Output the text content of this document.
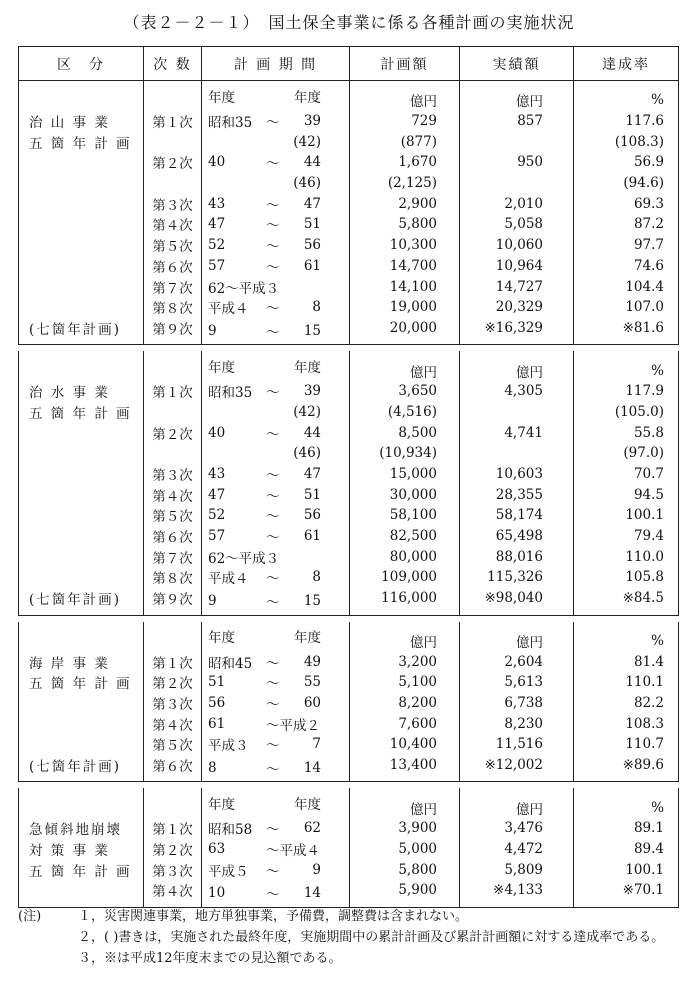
（表２－２－１）　国土保全事業に係る各種計画の実施状況
区　分	次 数	計 画 期 間	計画額	実績額	達成率

		年度 年度	億円	億円	%
治 山 事 業	第１次	昭和35 ～ 39	729	857	117.6
五 箇 年 計 画		(42)	(877)		(108.3)
	第２次	40 ～ 44	1,670	950	56.9

		(46)	(2,125)		(94.6)
	第３次	43 ～ 47	2,900	2,010	69.3
	第４次	47 ～ 51	5,800	5,058	87.2
	第５次	52 ～ 56	10,300	10,060	97.7
	第６次	57 ～ 61	14,700	10,964	74.6
	第７次	62～平成３	14,100	14,727	104.4
	第８次	平成４ ～ 8	19,000	20,329	107.0
(七箇年計画)	第９次	9 ～ 15	20,000	※16,329	※81.6

		年度 年度	億円	億円	%
治 水 事 業	第１次	昭和35 ～ 39	3,650	4,305	117.9
五 箇 年 計 画		(42)	(4,516)		(105.0)
	第２次	40 ～ 44	8,500	4,741	55.8

		(46)	(10,934)		(97.0)
	第３次	43 ～ 47	15,000	10,603	70.7
	第４次	47 ～ 51	30,000	28,355	94.5
	第５次	52 ～ 56	58,100	58,174	100.1
	第６次	57 ～ 61	82,500	65,498	79.4
	第７次	62～平成３	80,000	88,016	110.0
	第８次	平成４ ～ 8	109,000	115,326	105.8
(七箇年計画)	第９次	9 ～ 15	116,000	※98,040	※84.5

		年度 年度	億円	億円	%
海 岸 事 業	第１次	昭和45 ～ 49	3,200	2,604	81.4
五 箇 年 計 画	第２次	51 ～ 55	5,100	5,613	110.1
	第３次	56 ～ 60	8,200	6,738	82.2
	第４次	61 ～平成２	7,600	8,230	108.3
	第５次	平成３ ～ 7	10,400	11,516	110.7
(七箇年計画)	第６次	8 ～ 14	13,400	※12,002	※89.6

		年度 年度	億円	億円	%
急傾斜地崩壊	第１次	昭和58 ～ 62	3,900	3,476	89.1
対 策 事 業	第２次	63 ～平成４	5,000	4,472	89.4
五 箇 年 計 画	第３次	平成５ ～ 9	5,800	5,809	100.1
	第４次	10 ～ 14	5,900	※4,133	※70.1
(注)	１，災害関連事業，地方単独事業，予備費，調整費は含まれない。
２，( )書きは，実施された最終年度，実施期間中の累計計画及び累計計画額に対する達成率である。
３，※は平成12年度末までの見込額である。
